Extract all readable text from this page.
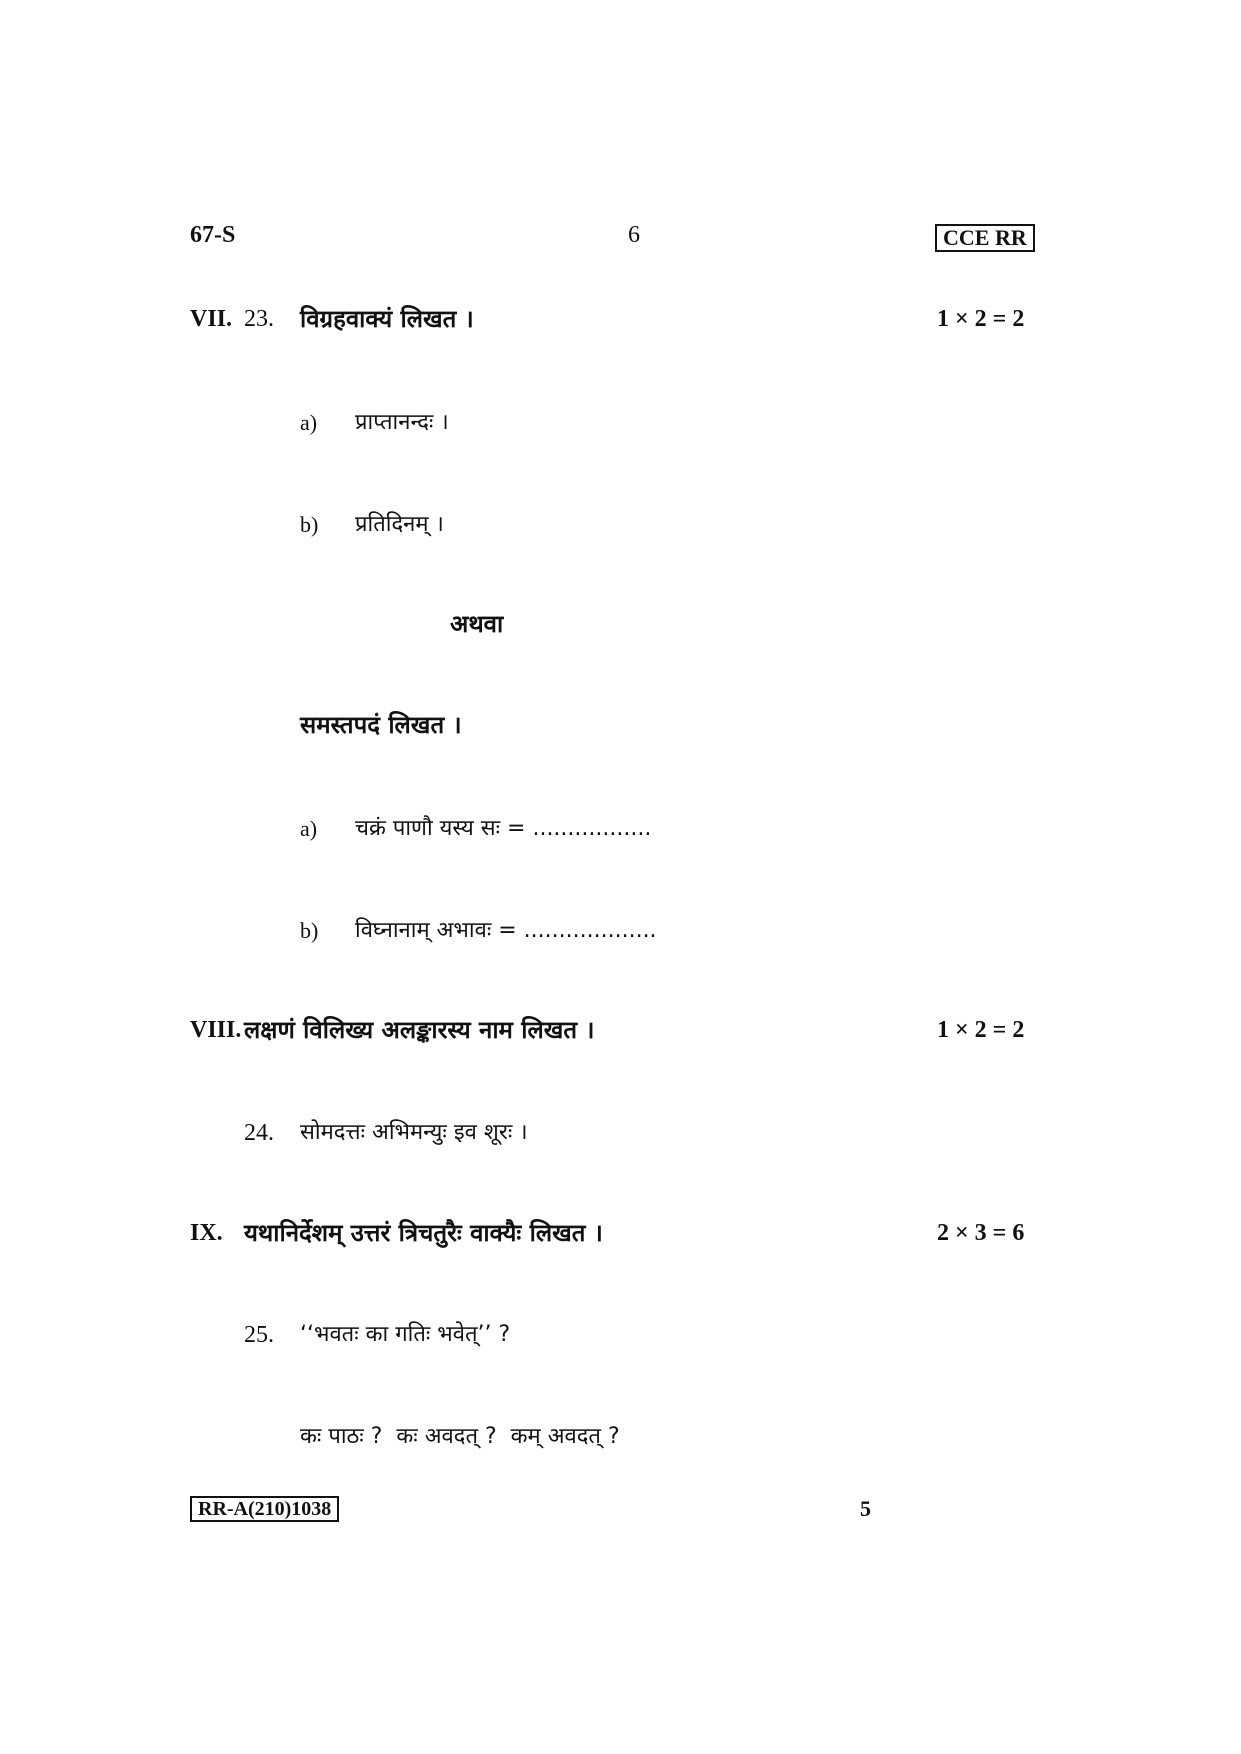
67-S	6	CCE RR
VII. 23. विग्रहवाक्यं लिखत ।	1 × 2 = 2
a) प्राप्तानन्दः ।
b) प्रतिदिनम् ।
अथवा
समस्तपदं लिखत ।
a) चक्रं पाणौ यस्य सः = .................
b) विघ्नानाम् अभावः = ...................
VIII. लक्षणं विलिख्य अलङ्कारस्य नाम लिखत ।	1 × 2 = 2
24. सोमदत्तः अभिमन्युः इव शूरः ।
IX. यथानिर्देशम् उत्तरं त्रिचतुरैः वाक्यैः लिखत ।	2 × 3 = 6
25. ‘‘भवतः का गतिः भवेत्’’ ?
कः पाठः ?  कः अवदत् ?  कम् अवदत् ?
RR-A(210)1038	5
